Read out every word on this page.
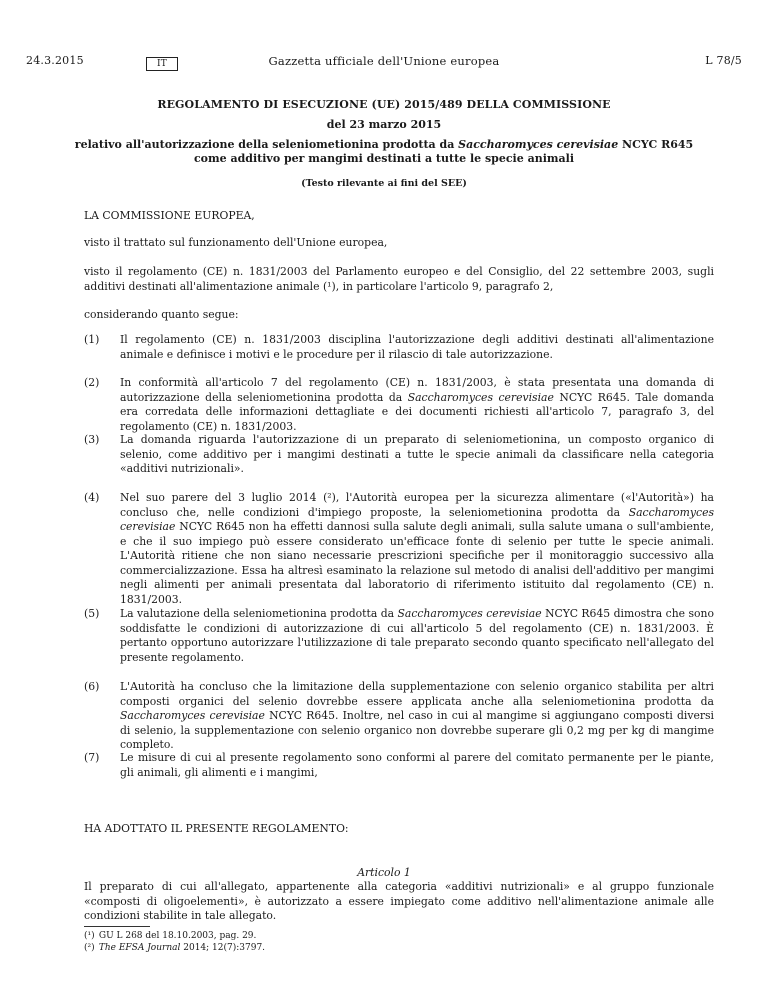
24.3.2015	IT	Gazzetta ufficiale dell'Unione europea	L 78/5
REGOLAMENTO DI ESECUZIONE (UE) 2015/489 DELLA COMMISSIONE
del 23 marzo 2015
relativo all'autorizzazione della seleniometionina prodotta da Saccharomyces cerevisiae NCYC R645
come additivo per mangimi destinati a tutte le specie animali
(Testo rilevante ai fini del SEE)
LA COMMISSIONE EUROPEA,
visto il trattato sul funzionamento dell'Unione europea,
visto il regolamento (CE) n. 1831/2003 del Parlamento europeo e del Consiglio, del 22 settembre 2003, sugli additivi destinati all'alimentazione animale (¹), in particolare l'articolo 9, paragrafo 2,
considerando quanto segue:
(1)	Il regolamento (CE) n. 1831/2003 disciplina l'autorizzazione degli additivi destinati all'alimentazione animale e definisce i motivi e le procedure per il rilascio di tale autorizzazione.
(2)	In conformità all'articolo 7 del regolamento (CE) n. 1831/2003, è stata presentata una domanda di autorizzazione della seleniometionina prodotta da Saccharomyces cerevisiae NCYC R645. Tale domanda era corredata delle informazioni dettagliate e dei documenti richiesti all'articolo 7, paragrafo 3, del regolamento (CE) n. 1831/2003.
(3)	La domanda riguarda l'autorizzazione di un preparato di seleniometionina, un composto organico di selenio, come additivo per i mangimi destinati a tutte le specie animali da classificare nella categoria «additivi nutrizionali».
(4)	Nel suo parere del 3 luglio 2014 (²), l'Autorità europea per la sicurezza alimentare («l'Autorità») ha concluso che, nelle condizioni d'impiego proposte, la seleniometionina prodotta da Saccharomyces cerevisiae NCYC R645 non ha effetti dannosi sulla salute degli animali, sulla salute umana o sull'ambiente, e che il suo impiego può essere considerato un'efficace fonte di selenio per tutte le specie animali. L'Autorità ritiene che non siano necessarie prescrizioni specifiche per il monitoraggio successivo alla commercializzazione. Essa ha altresì esaminato la relazione sul metodo di analisi dell'additivo per mangimi negli alimenti per animali presentata dal laboratorio di riferimento istituito dal regolamento (CE) n. 1831/2003.
(5)	La valutazione della seleniometionina prodotta da Saccharomyces cerevisiae NCYC R645 dimostra che sono soddisfatte le condizioni di autorizzazione di cui all'articolo 5 del regolamento (CE) n. 1831/2003. È pertanto opportuno autorizzare l'utilizzazione di tale preparato secondo quanto specificato nell'allegato del presente regolamento.
(6)	L'Autorità ha concluso che la limitazione della supplementazione con selenio organico stabilita per altri composti organici del selenio dovrebbe essere applicata anche alla seleniometionina prodotta da Saccharomyces cerevisiae NCYC R645. Inoltre, nel caso in cui al mangime si aggiungano composti diversi di selenio, la supplementazione con selenio organico non dovrebbe superare gli 0,2 mg per kg di mangime completo.
(7)	Le misure di cui al presente regolamento sono conformi al parere del comitato permanente per le piante, gli animali, gli alimenti e i mangimi,
HA ADOTTATO IL PRESENTE REGOLAMENTO:
Articolo 1
Il preparato di cui all'allegato, appartenente alla categoria «additivi nutrizionali» e al gruppo funzionale «composti di oligoelementi», è autorizzato a essere impiegato come additivo nell'alimentazione animale alle condizioni stabilite in tale allegato.
(¹) GU L 268 del 18.10.2003, pag. 29.
(²) The EFSA Journal 2014; 12(7):3797.
